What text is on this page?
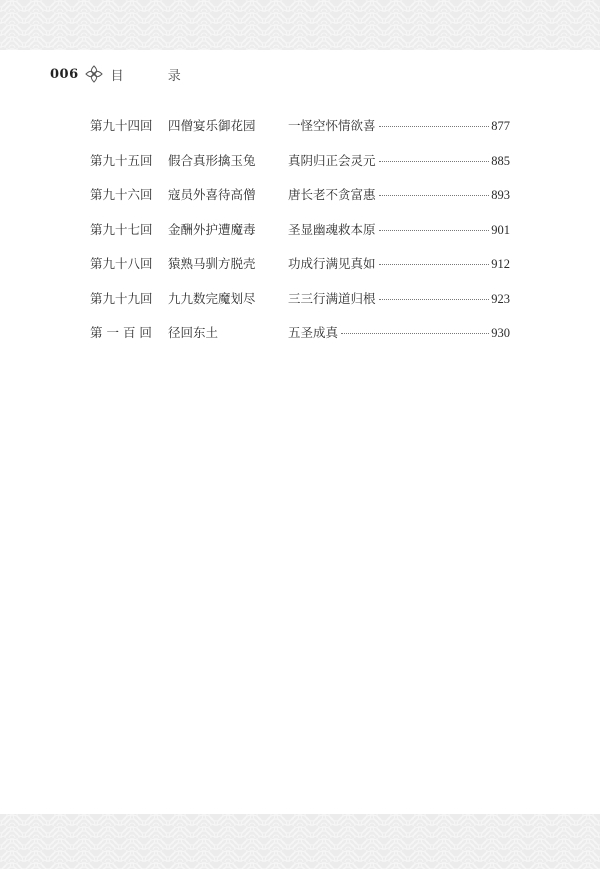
006 目 录
第九十四回	四僧宴乐御花园	一怪空怀情欲喜	877
第九十五回	假合真形擒玉兔	真阴归正会灵元	885
第九十六回	寇员外喜待高僧	唐长老不贪富惠	893
第九十七回	金酬外护遭魔毒	圣显幽魂救本原	901
第九十八回	猿熟马驯方脱壳	功成行满见真如	912
第九十九回	九九数完魔划尽	三三行满道归根	923
第 一 百 回	径回东土	五圣成真	930
